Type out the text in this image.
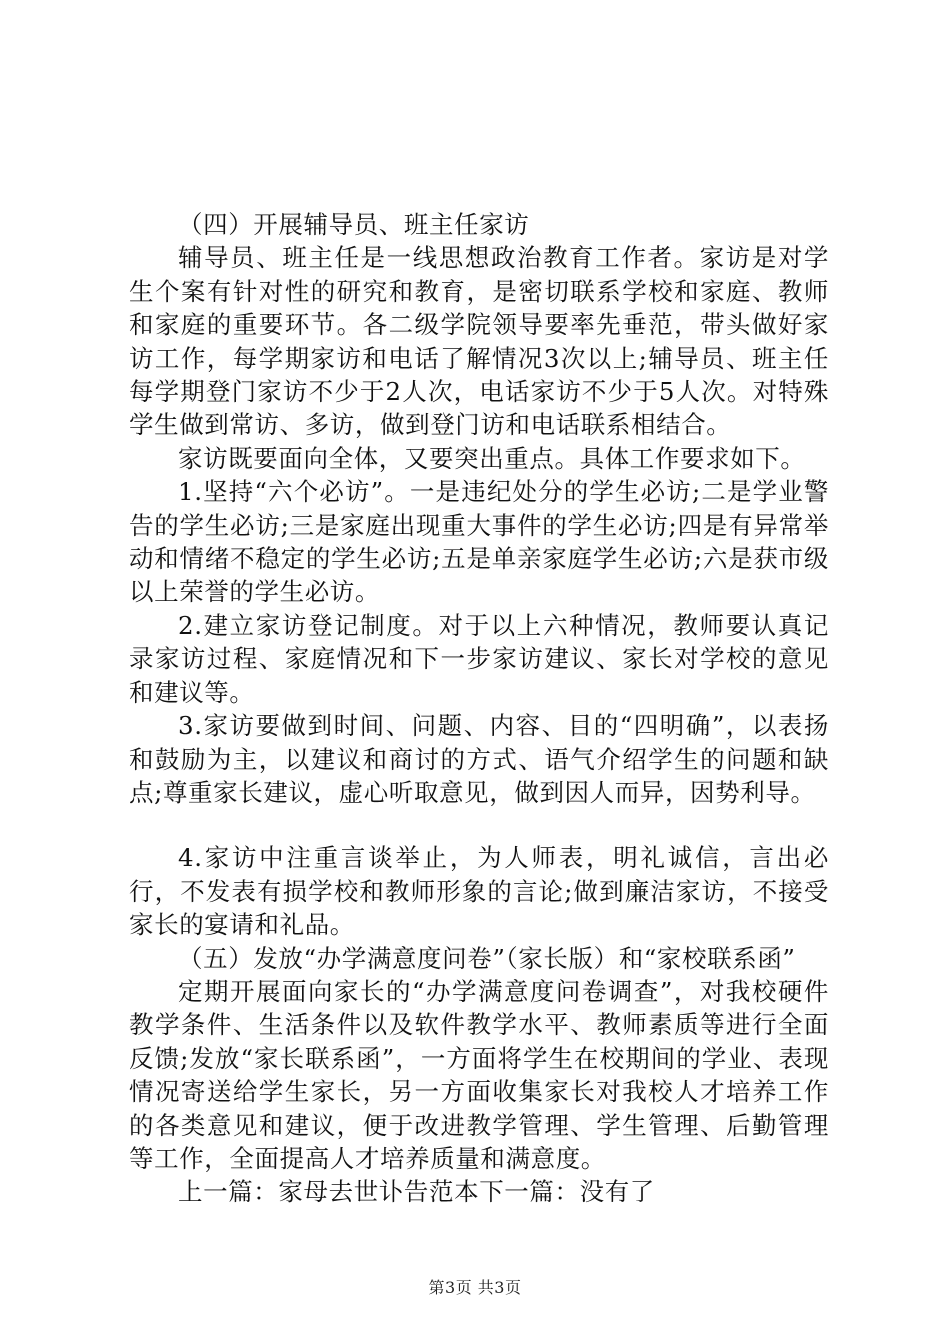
（四）开展辅导员、班主任家访

辅导员、班主任是一线思想政治教育工作者。家访是对学生个案有针对性的研究和教育，是密切联系学校和家庭、教师和家庭的重要环节。各二级学院领导要率先垂范，带头做好家访工作，每学期家访和电话了解情况3次以上;辅导员、班主任每学期登门家访不少于2人次，电话家访不少于5人次。对特殊学生做到常访、多访，做到登门访和电话联系相结合。

家访既要面向全体，又要突出重点。具体工作要求如下。

1.坚持“六个必访”。一是违纪处分的学生必访;二是学业警告的学生必访;三是家庭出现重大事件的学生必访;四是有异常举动和情绪不稳定的学生必访;五是单亲家庭学生必访;六是获市级以上荣誉的学生必访。

2.建立家访登记制度。对于以上六种情况，教师要认真记录家访过程、家庭情况和下一步家访建议、家长对学校的意见和建议等。

3.家访要做到时间、问题、内容、目的“四明确”，以表扬和鼓励为主，以建议和商讨的方式、语气介绍学生的问题和缺点;尊重家长建议，虚心听取意见，做到因人而异，因势利导。

4.家访中注重言谈举止，为人师表，明礼诚信，言出必行，不发表有损学校和教师形象的言论;做到廉洁家访，不接受家长的宴请和礼品。

（五）发放“办学满意度问卷”（家长版）和“家校联系函”

定期开展面向家长的“办学满意度问卷调查”，对我校硬件教学条件、生活条件以及软件教学水平、教师素质等进行全面反馈;发放“家长联系函”，一方面将学生在校期间的学业、表现情况寄送给学生家长，另一方面收集家长对我校人才培养工作的各类意见和建议，便于改进教学管理、学生管理、后勤管理等工作，全面提高人才培养质量和满意度。

上一篇：家母去世讣告范本下一篇：没有了

第3页 共3页
